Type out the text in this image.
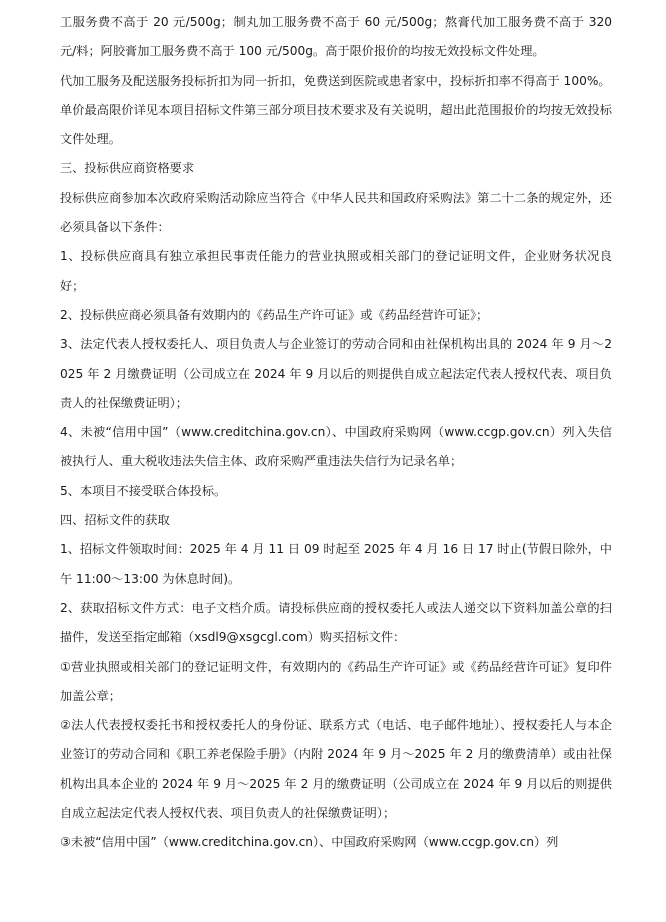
工服务费不高于 20 元/500g；制丸加工服务费不高于 60 元/500g；熬膏代加工服务费不高于 320 元/料；阿胶膏加工服务费不高于 100 元/500g。高于限价报价的均按无效投标文件处理。

代加工服务及配送服务投标折扣为同一折扣，免费送到医院或患者家中，投标折扣率不得高于 100%。

单价最高限价详见本项目招标文件第三部分项目技术要求及有关说明，超出此范围报价的均按无效投标文件处理。

三、投标供应商资格要求

投标供应商参加本次政府采购活动除应当符合《中华人民共和国政府采购法》第二十二条的规定外，还必须具备以下条件：

1、投标供应商具有独立承担民事责任能力的营业执照或相关部门的登记证明文件，企业财务状况良好；

2、投标供应商必须具备有效期内的《药品生产许可证》或《药品经营许可证》；

3、法定代表人授权委托人、项目负责人与企业签订的劳动合同和由社保机构出具的 2024 年 9 月～2025 年 2 月缴费证明（公司成立在 2024 年 9 月以后的则提供自成立起法定代表人授权代表、项目负责人的社保缴费证明）；

4、未被“信用中国”（www.creditchina.gov.cn）、中国政府采购网（www.ccgp.gov.cn）列入失信被执行人、重大税收违法失信主体、政府采购严重违法失信行为记录名单；

5、本项目不接受联合体投标。

四、招标文件的获取

1、招标文件领取时间：2025 年 4 月 11 日 09 时起至 2025 年 4 月 16 日 17 时止(节假日除外，中午 11:00～13:00 为休息时间)。

2、获取招标文件方式：电子文档介质。请投标供应商的授权委托人或法人递交以下资料加盖公章的扫描件，发送至指定邮箱（xsdl9@xsgcgl.com）购买招标文件：

①营业执照或相关部门的登记证明文件，有效期内的《药品生产许可证》或《药品经营许可证》复印件加盖公章；

②法人代表授权委托书和授权委托人的身份证、联系方式（电话、电子邮件地址）、授权委托人与本企业签订的劳动合同和《职工养老保险手册》（内附 2024 年 9 月～2025 年 2 月的缴费清单）或由社保机构出具本企业的 2024 年 9 月～2025 年 2 月的缴费证明（公司成立在 2024 年 9 月以后的则提供自成立起法定代表人授权代表、项目负责人的社保缴费证明）；

③未被“信用中国”（www.creditchina.gov.cn）、中国政府采购网（www.ccgp.gov.cn）列
